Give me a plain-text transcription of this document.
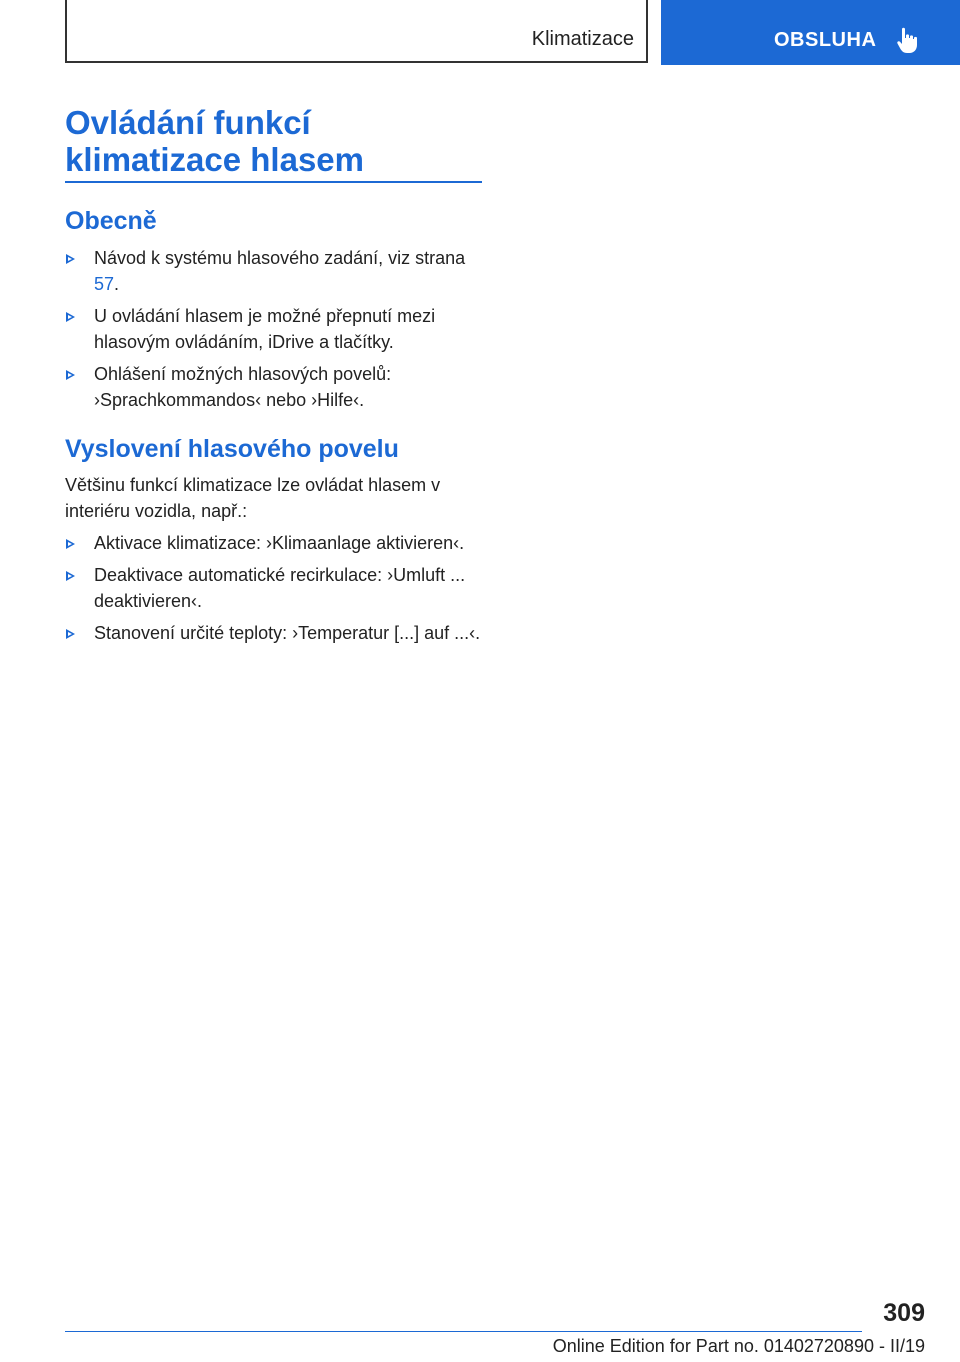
Klimatizace	OBSLUHA
Ovládání funkcí klimatizace hlasem
Obecně
Návod k systému hlasového zadání, viz strana 57.
U ovládání hlasem je možné přepnutí mezi hlasovým ovládáním, iDrive a tlačítky.
Ohlášení možných hlasových povelů: ›Sprachkommandos‹ nebo ›Hilfe‹.
Vyslovení hlasového povelu

Většinu funkcí klimatizace lze ovládat hlasem v interiéru vozidla, např.:

Aktivace klimatizace: ›Klimaanlage aktivieren‹.
Deaktivace automatické recirkulace: ›Umluft ... deaktivieren‹.
Stanovení určité teploty: ›Temperatur [...] auf ...‹.
309
Online Edition for Part no. 01402720890 - II/19
